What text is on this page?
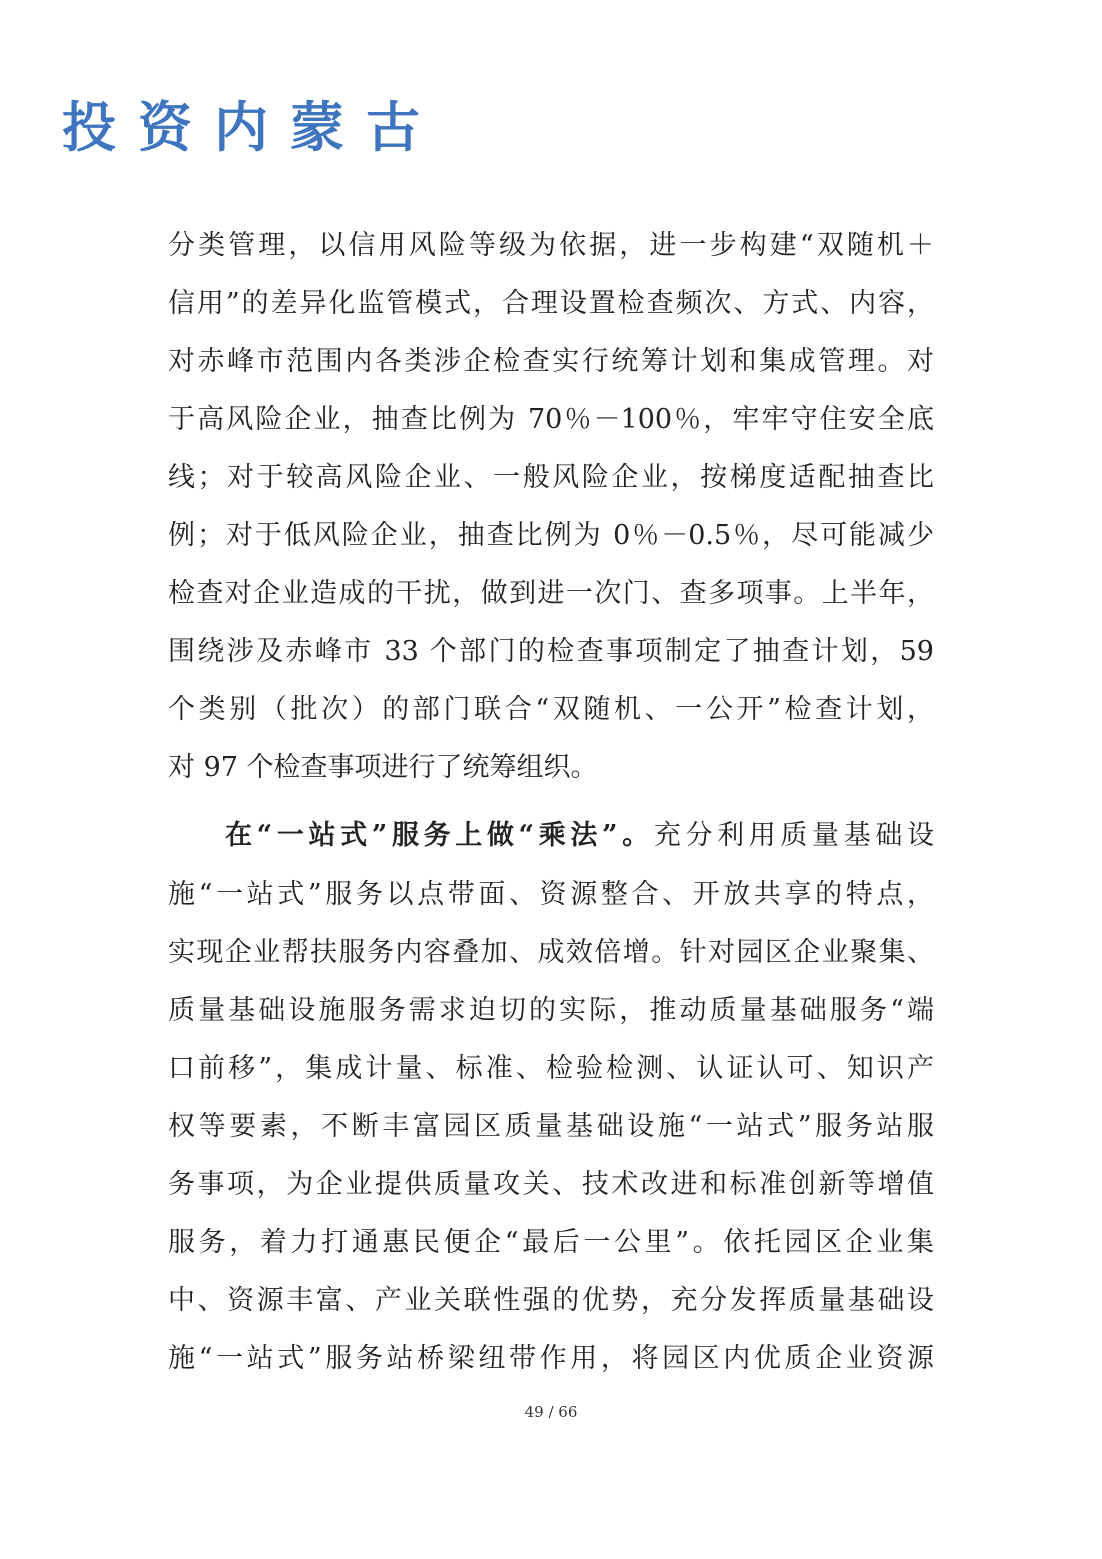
投资内蒙古
分类管理，以信用风险等级为依据，进一步构建“双随机＋
信用”的差异化监管模式，合理设置检查频次、方式、内容，
对赤峰市范围内各类涉企检查实行统筹计划和集成管理。对
于高风险企业，抽查比例为 70％－100％，牢牢守住安全底
线；对于较高风险企业、一般风险企业，按梯度适配抽查比
例；对于低风险企业，抽查比例为 0％－0.5％，尽可能减少
检查对企业造成的干扰，做到进一次门、查多项事。上半年，
围绕涉及赤峰市 33 个部门的检查事项制定了抽查计划，59
个类别（批次）的部门联合“双随机、一公开”检查计划，
对 97 个检查事项进行了统筹组织。
在“一站式”服务上做“乘法”。充分利用质量基础设
施“一站式”服务以点带面、资源整合、开放共享的特点，
实现企业帮扶服务内容叠加、成效倍增。针对园区企业聚集、
质量基础设施服务需求迫切的实际，推动质量基础服务“端
口前移”，集成计量、标准、检验检测、认证认可、知识产
权等要素，不断丰富园区质量基础设施“一站式”服务站服
务事项，为企业提供质量攻关、技术改进和标准创新等增值
服务，着力打通惠民便企“最后一公里”。依托园区企业集
中、资源丰富、产业关联性强的优势，充分发挥质量基础设
施“一站式”服务站桥梁纽带作用，将园区内优质企业资源
49 / 66
